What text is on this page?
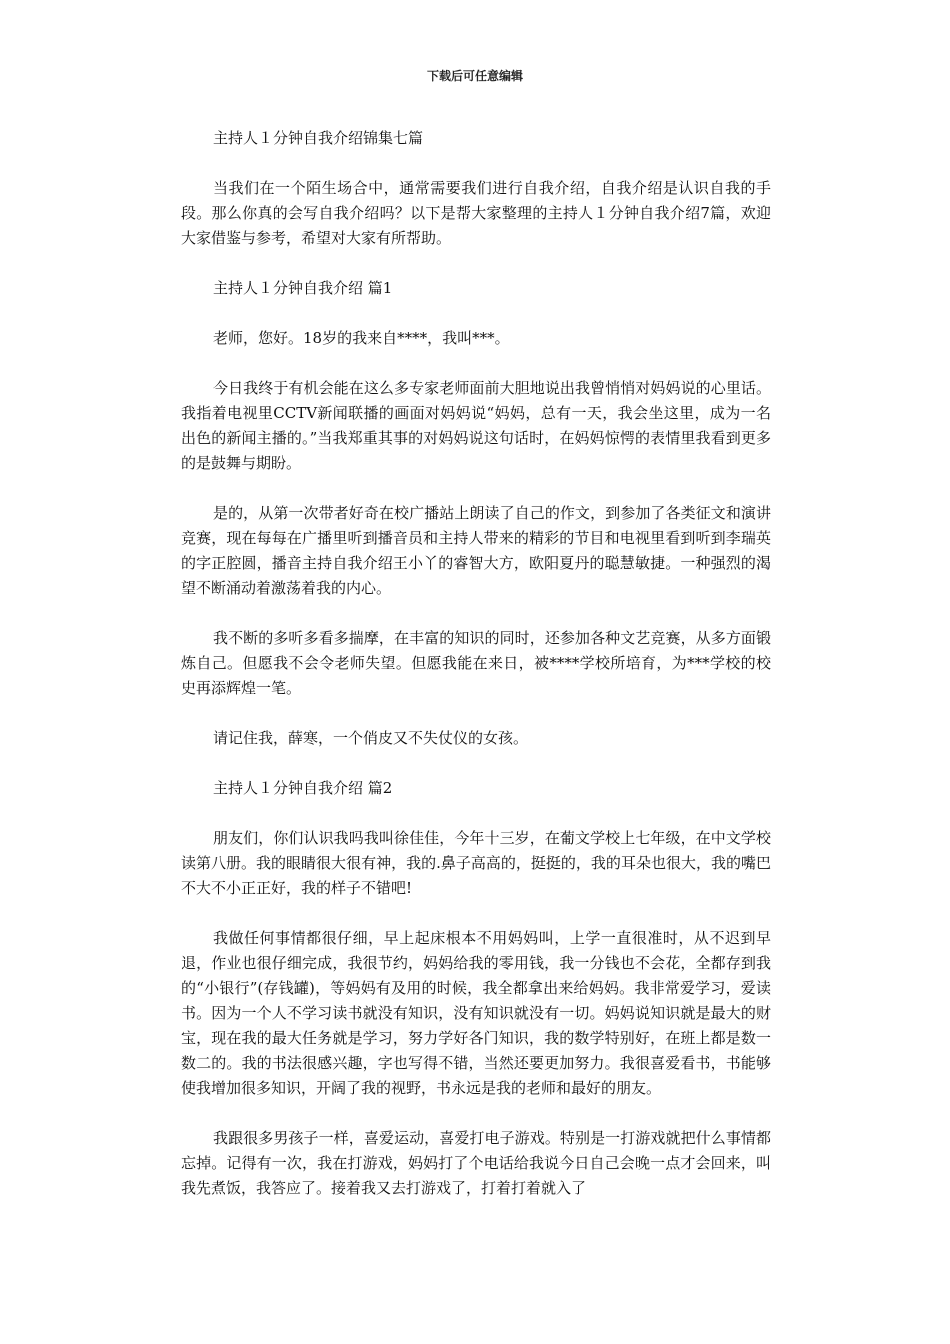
下载后可任意编辑

主持人１分钟自我介绍锦集七篇

当我们在一个陌生场合中，通常需要我们进行自我介绍，自我介绍是认识自我的手段。那么你真的会写自我介绍吗？以下是帮大家整理的主持人１分钟自我介绍7篇，欢迎大家借鉴与参考，希望对大家有所帮助。

主持人１分钟自我介绍 篇1

老师，您好。18岁的我来自****，我叫***。

今日我终于有机会能在这么多专家老师面前大胆地说出我曾悄悄对妈妈说的心里话。我指着电视里CCTV新闻联播的画面对妈妈说“妈妈，总有一天，我会坐这里，成为一名出色的新闻主播的。”当我郑重其事的对妈妈说这句话时，在妈妈惊愕的表情里我看到更多的是鼓舞与期盼。

是的，从第一次带者好奇在校广播站上朗读了自己的作文，到参加了各类征文和演讲竞赛，现在每每在广播里听到播音员和主持人带来的精彩的节目和电视里看到听到李瑞英的字正腔圆，播音主持自我介绍王小丫的睿智大方，欧阳夏丹的聪慧敏捷。一种强烈的渴望不断涌动着激荡着我的内心。

我不断的多听多看多揣摩，在丰富的知识的同时，还参加各种文艺竞赛，从多方面锻炼自己。但愿我不会令老师失望。但愿我能在来日，被****学校所培育，为***学校的校史再添辉煌一笔。

请记住我，薛寒，一个俏皮又不失仗仪的女孩。

主持人１分钟自我介绍 篇2

朋友们，你们认识我吗我叫徐佳佳，今年十三岁，在葡文学校上七年级，在中文学校读第八册。我的眼睛很大很有神，我的.鼻子高高的，挺挺的，我的耳朵也很大，我的嘴巴不大不小正正好，我的样子不错吧!

我做任何事情都很仔细，早上起床根本不用妈妈叫，上学一直很准时，从不迟到早退，作业也很仔细完成，我很节约，妈妈给我的零用钱，我一分钱也不会花，全都存到我的“小银行”(存钱罐)，等妈妈有及用的时候，我全都拿出来给妈妈。我非常爱学习，爱读书。因为一个人不学习读书就没有知识，没有知识就没有一切。妈妈说知识就是最大的财宝，现在我的最大任务就是学习，努力学好各门知识，我的数学特别好，在班上都是数一数二的。我的书法很感兴趣，字也写得不错，当然还要更加努力。我很喜爱看书，书能够使我增加很多知识，开阔了我的视野，书永远是我的老师和最好的朋友。

我跟很多男孩子一样，喜爱运动，喜爱打电子游戏。特别是一打游戏就把什么事情都忘掉。记得有一次，我在打游戏，妈妈打了个电话给我说今日自己会晚一点才会回来，叫我先煮饭，我答应了。接着我又去打游戏了，打着打着就入了
